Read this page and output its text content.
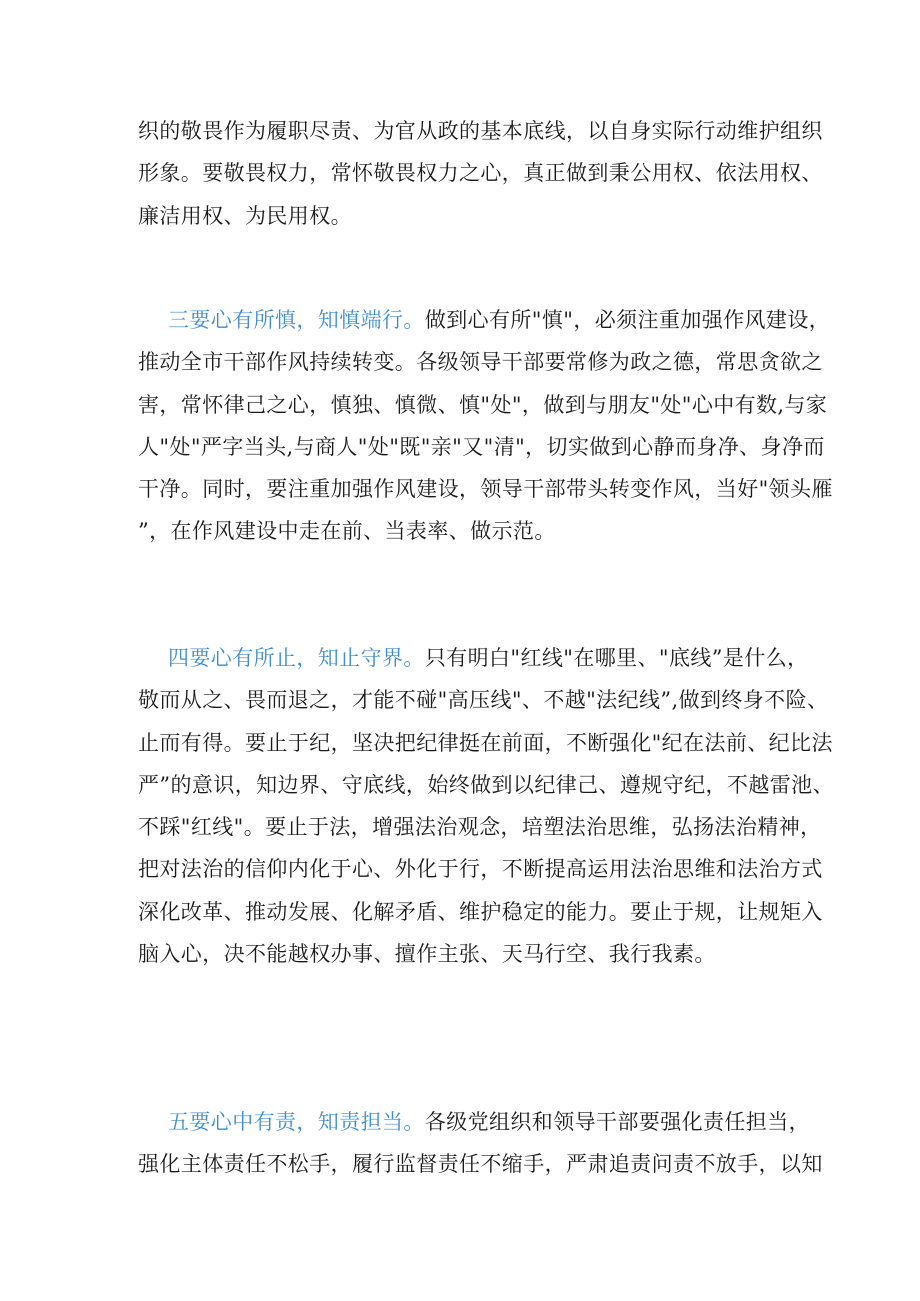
织的敬畏作为履职尽责、为官从政的基本底线，以自身实际行动维护组织
形象。要敬畏权力，常怀敬畏权力之心，真正做到秉公用权、依法用权、
廉洁用权、为民用权。

三要心有所慎，知慎端行。做到心有所"慎"，必须注重加强作风建设，
推动全市干部作风持续转变。各级领导干部要常修为政之德，常思贪欲之
害，常怀律己之心，慎独、慎微、慎"处"，做到与朋友"处"心中有数,与家
人"处"严字当头,与商人"处"既"亲"又"清"，切实做到心静而身净、身净而
干净。同时，要注重加强作风建设，领导干部带头转变作风，当好"领头雁
”，在作风建设中走在前、当表率、做示范。

四要心有所止，知止守界。只有明白"红线"在哪里、"底线”是什么，
敬而从之、畏而退之，才能不碰"高压线"、不越"法纪线”,做到终身不险、
止而有得。要止于纪，坚决把纪律挺在前面，不断强化"纪在法前、纪比法
严”的意识，知边界、守底线，始终做到以纪律己、遵规守纪，不越雷池、
不踩"红线"。要止于法，增强法治观念，培塑法治思维，弘扬法治精神，
把对法治的信仰内化于心、外化于行，不断提高运用法治思维和法治方式
深化改革、推动发展、化解矛盾、维护稳定的能力。要止于规，让规矩入
脑入心，决不能越权办事、擅作主张、天马行空、我行我素。

五要心中有责，知责担当。各级党组织和领导干部要强化责任担当，
强化主体责任不松手，履行监督责任不缩手，严肃追责问责不放手，以知
